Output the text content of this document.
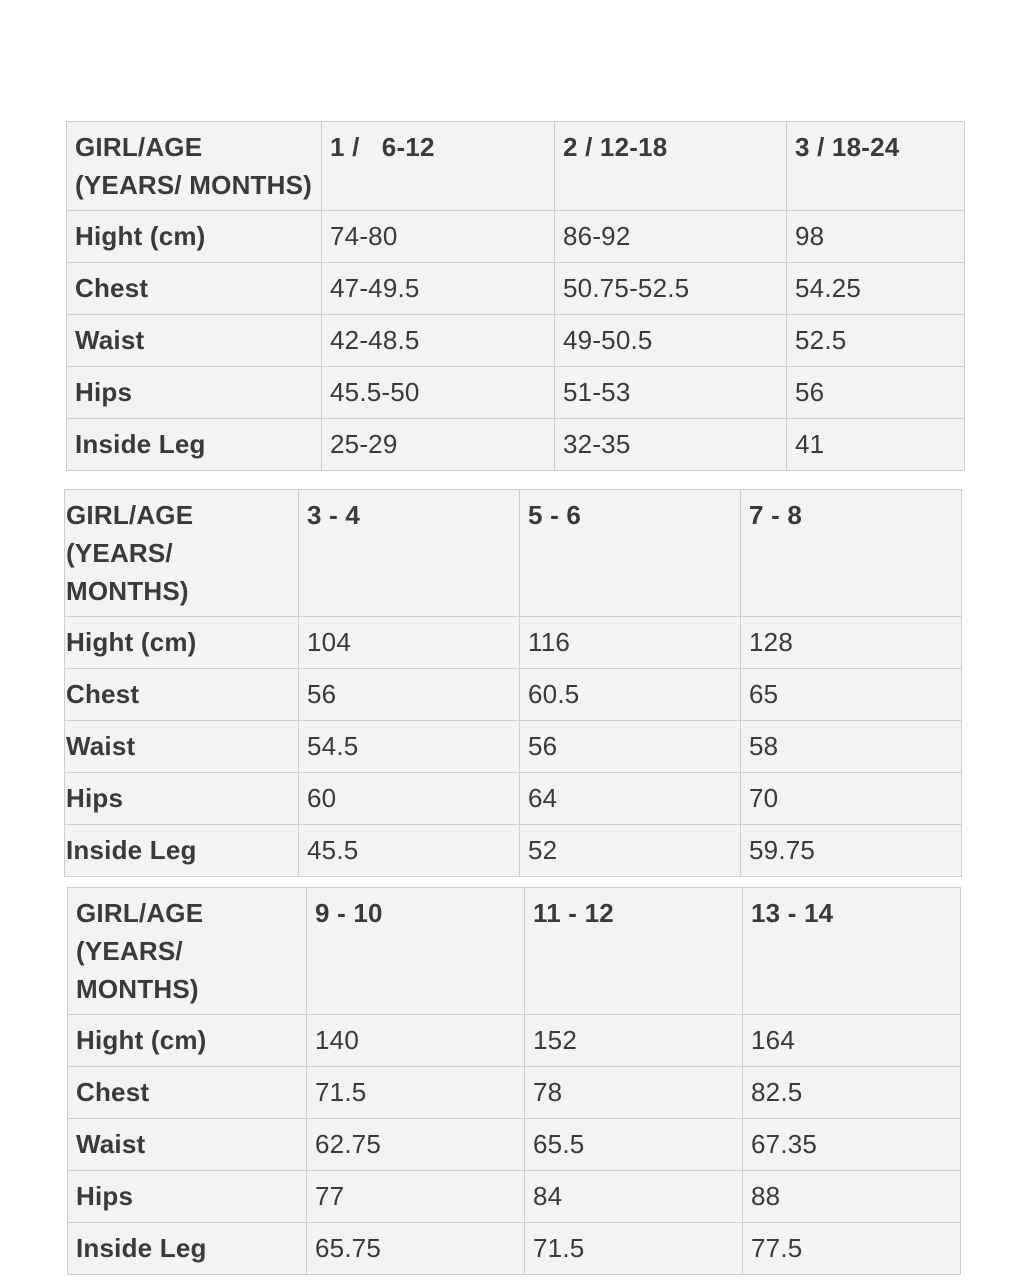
GIRL/AGE (YEARS/ MONTHS)	1 /   6-12	2 / 12-18	3 / 18-24
Hight (cm)	74-80	86-92	98
Chest	47-49.5	50.75-52.5	54.25
Waist	42-48.5	49-50.5	52.5
Hips	45.5-50	51-53	56
Inside Leg	25-29	32-35	41
GIRL/AGE (YEARS/ MONTHS)	3 - 4	5 - 6	7 - 8
Hight (cm)	104	116	128
Chest	56	60.5	65
Waist	54.5	56	58
Hips	60	64	70
Inside Leg	45.5	52	59.75
GIRL/AGE (YEARS/ MONTHS)	9 - 10	11 - 12	13 - 14
Hight (cm)	140	152	164
Chest	71.5	78	82.5
Waist	62.75	65.5	67.35
Hips	77	84	88
Inside Leg	65.75	71.5	77.5
